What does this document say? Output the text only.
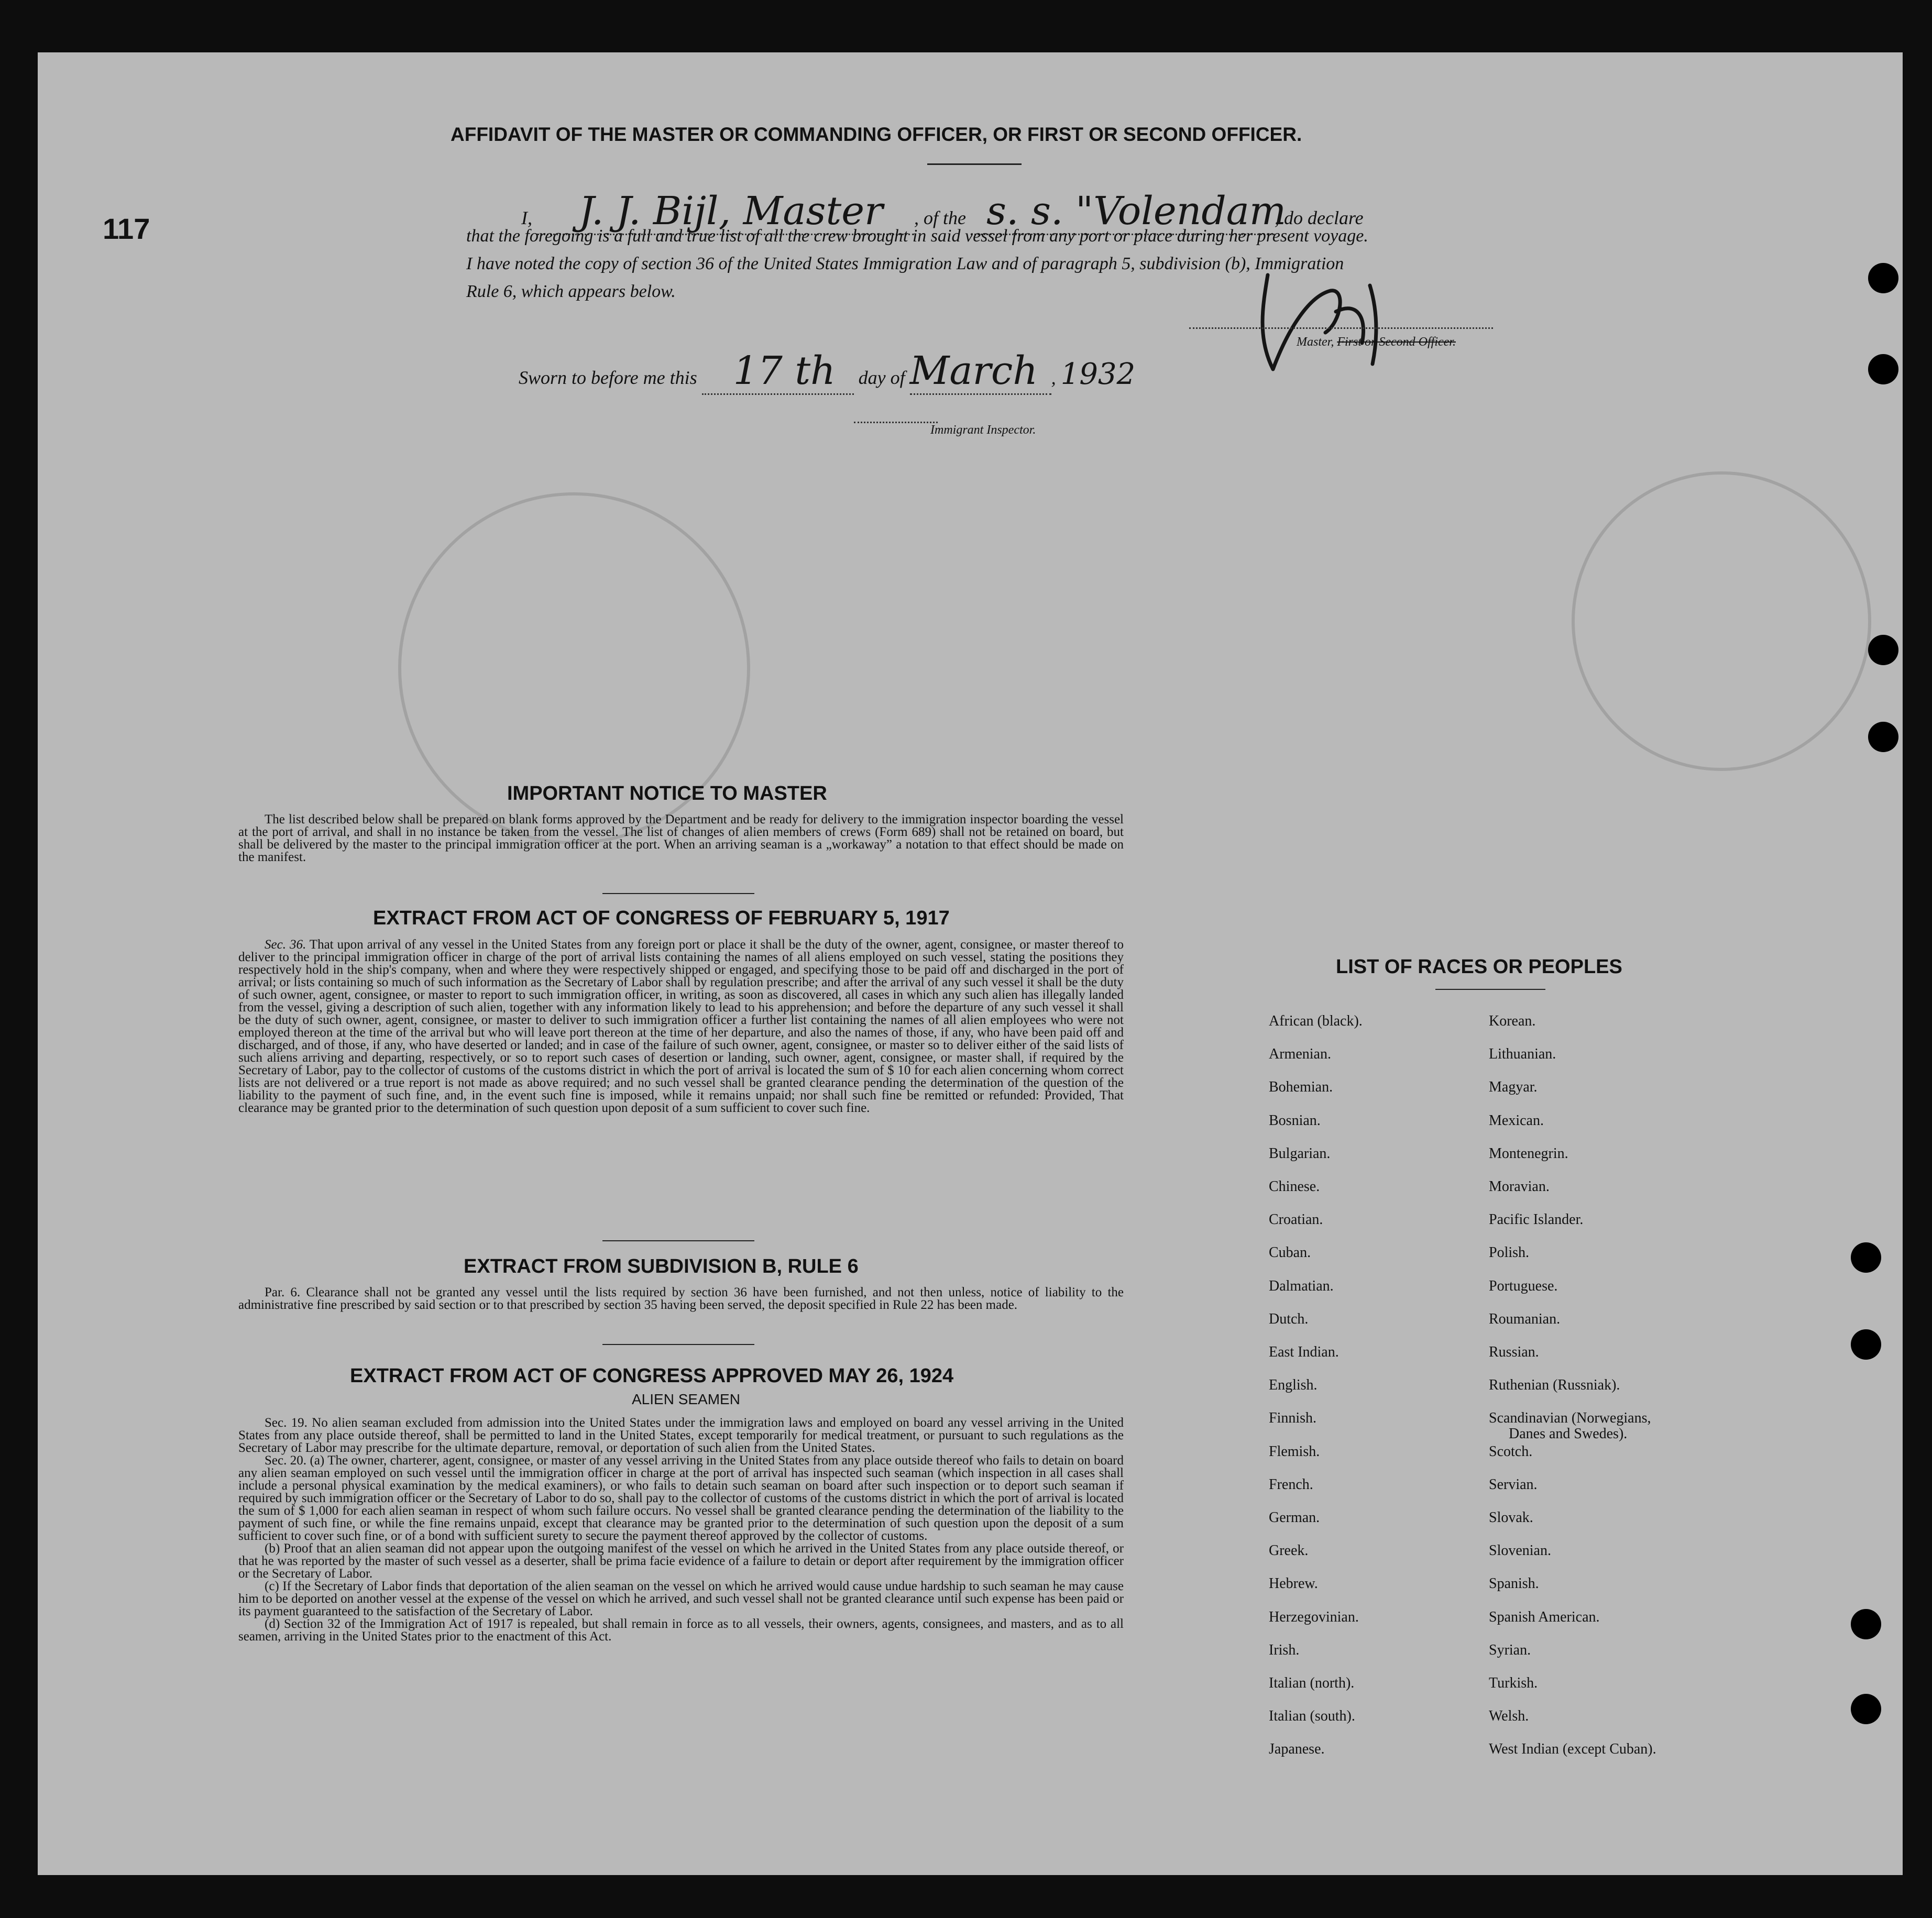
117
AFFIDAVIT OF THE MASTER OR COMMANDING OFFICER, OR FIRST OR SECOND OFFICER.
I, J. J. Bijl, Master , of the s. s. "Volendam, do declare
that the foregoing is a full and true list of all the crew brought in said vessel from any port or place during her present voyage.
I have noted the copy of section 36 of the United States Immigration Law and of paragraph 5, subdivision (b), Immigration
Rule 6, which appears below.
Master, First or Second Officer.
Sworn to before me this 17 th day of March , 1932
Immigrant Inspector.
IMPORTANT NOTICE TO MASTER

The list described below shall be prepared on blank forms approved by the Department and be ready for delivery to the immigration inspector boarding the vessel at the port of arrival, and shall in no instance be taken from the vessel. The list of changes of alien members of crews (Form 689) shall not be retained on board, but shall be delivered by the master to the principal immigration officer at the port. When an arriving seaman is a „workaway” a notation to that effect should be made on the manifest.

EXTRACT FROM ACT OF CONGRESS OF FEBRUARY 5, 1917

Sec. 36. That upon arrival of any vessel in the United States from any foreign port or place it shall be the duty of the owner, agent, consignee, or master thereof to deliver to the principal immigration officer in charge of the port of arrival lists containing the names of all aliens employed on such vessel, stating the positions they respectively hold in the ship's company, when and where they were respectively shipped or engaged, and specifying those to be paid off and discharged in the port of arrival; or lists containing so much of such information as the Secretary of Labor shall by regulation prescribe; and after the arrival of any such vessel it shall be the duty of such owner, agent, consignee, or master to report to such immigration officer, in writing, as soon as discovered, all cases in which any such alien has illegally landed from the vessel, giving a description of such alien, together with any information likely to lead to his apprehension; and before the departure of any such vessel it shall be the duty of such owner, agent, consignee, or master to deliver to such immigration officer a further list containing the names of all alien employees who were not employed thereon at the time of the arrival but who will leave port thereon at the time of her departure, and also the names of those, if any, who have been paid off and discharged, and of those, if any, who have deserted or landed; and in case of the failure of such owner, agent, consignee, or master so to deliver either of the said lists of such aliens arriving and departing, respectively, or so to report such cases of desertion or landing, such owner, agent, consignee, or master shall, if required by the Secretary of Labor, pay to the collector of customs of the customs district in which the port of arrival is located the sum of $ 10 for each alien concerning whom correct lists are not delivered or a true report is not made as above required; and no such vessel shall be granted clearance pending the determination of the question of the liability to the payment of such fine, and, in the event such fine is imposed, while it remains unpaid; nor shall such fine be remitted or refunded: Provided, That clearance may be granted prior to the determination of such question upon deposit of a sum sufficient to cover such fine.

EXTRACT FROM SUBDIVISION B, RULE 6

Par. 6. Clearance shall not be granted any vessel until the lists required by section 36 have been furnished, and not then unless, notice of liability to the administrative fine prescribed by said section or to that prescribed by section 35 having been served, the deposit specified in Rule 22 has been made.

EXTRACT FROM ACT OF CONGRESS APPROVED MAY 26, 1924
ALIEN SEAMEN

Sec. 19. No alien seaman excluded from admission into the United States under the immigration laws and employed on board any vessel arriving in the United States from any place outside thereof, shall be permitted to land in the United States, except temporarily for medical treatment, or pursuant to such regulations as the Secretary of Labor may prescribe for the ultimate departure, removal, or deportation of such alien from the United States.

Sec. 20. (a) The owner, charterer, agent, consignee, or master of any vessel arriving in the United States from any place outside thereof who fails to detain on board any alien seaman employed on such vessel until the immigration officer in charge at the port of arrival has inspected such seaman (which inspection in all cases shall include a personal physical examination by the medical examiners), or who fails to detain such seaman on board after such inspection or to deport such seaman if required by such immigration officer or the Secretary of Labor to do so, shall pay to the collector of customs of the customs district in which the port of arrival is located the sum of $ 1,000 for each alien seaman in respect of whom such failure occurs. No vessel shall be granted clearance pending the determination of the liability to the payment of such fine, or while the fine remains unpaid, except that clearance may be granted prior to the determination of such question upon the deposit of a sum sufficient to cover such fine, or of a bond with sufficient surety to secure the payment thereof approved by the collector of customs.

(b) Proof that an alien seaman did not appear upon the outgoing manifest of the vessel on which he arrived in the United States from any place outside thereof, or that he was reported by the master of such vessel as a deserter, shall be prima facie evidence of a failure to detain or deport after requirement by the immigration officer or the Secretary of Labor.

(c) If the Secretary of Labor finds that deportation of the alien seaman on the vessel on which he arrived would cause undue hardship to such seaman he may cause him to be deported on another vessel at the expense of the vessel on which he arrived, and such vessel shall not be granted clearance until such expense has been paid or its payment guaranteed to the satisfaction of the Secretary of Labor.

(d) Section 32 of the Immigration Act of 1917 is repealed, but shall remain in force as to all vessels, their owners, agents, consignees, and masters, and as to all seamen, arriving in the United States prior to the enactment of this Act.

LIST OF RACES OR PEOPLES
African (black).
Armenian.
Bohemian.
Bosnian.
Bulgarian.
Chinese.
Croatian.
Cuban.
Dalmatian.
Dutch.
East Indian.
English.
Finnish.
Flemish.
French.
German.
Greek.
Hebrew.
Herzegovinian.
Irish.
Italian (north).
Italian (south).
Japanese.
Korean.
Lithuanian.
Magyar.
Mexican.
Montenegrin.
Moravian.
Pacific Islander.
Polish.
Portuguese.
Roumanian.
Russian.
Ruthenian (Russniak).
Scandinavian (Norwegians,
Danes and Swedes).
Scotch.
Servian.
Slovak.
Slovenian.
Spanish.
Spanish American.
Syrian.
Turkish.
Welsh.
West Indian (except Cuban).
